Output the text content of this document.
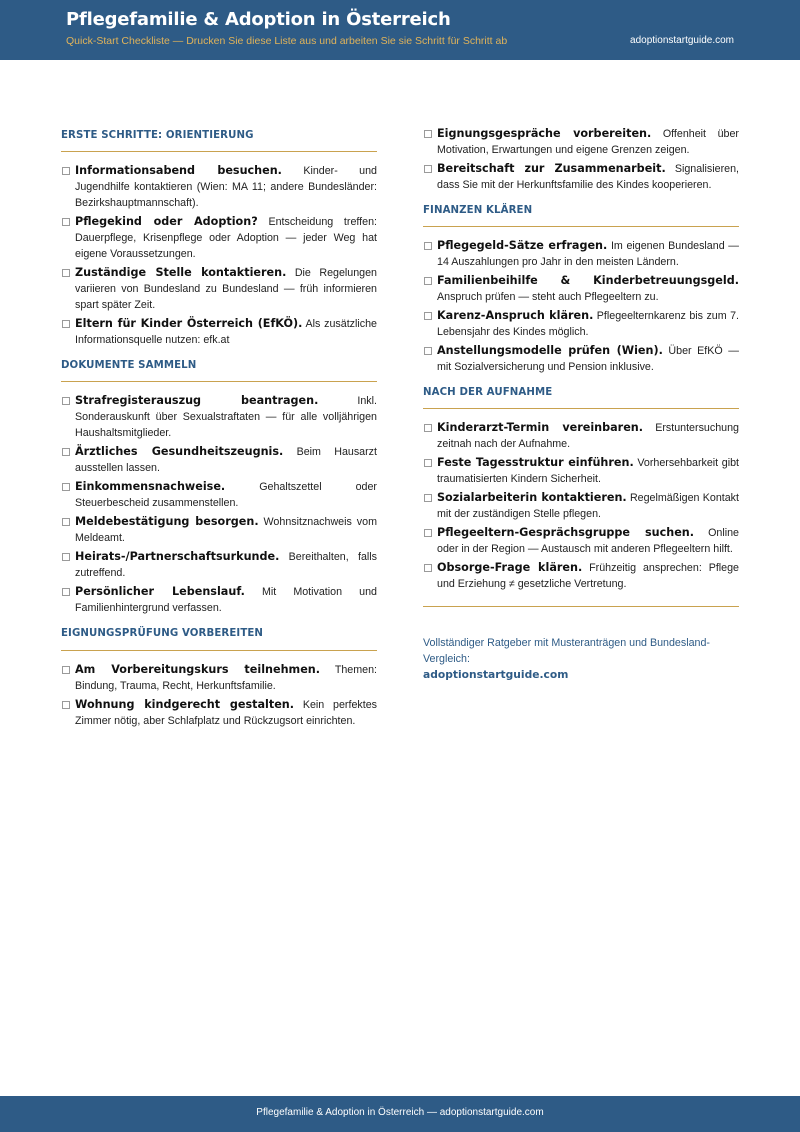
Pflegefamilie & Adoption in Österreich
Quick-Start Checkliste — Drucken Sie diese Liste aus und arbeiten Sie sie Schritt für Schritt ab	adoptionstartguide.com
ERSTE SCHRITTE: ORIENTIERUNG
Informationsabend besuchen. Kinder- und Jugendhilfe kontaktieren (Wien: MA 11; andere Bundesländer: Bezirkshauptmannschaft).
Pflegekind oder Adoption? Entscheidung treffen: Dauerpflege, Krisenpflege oder Adoption — jeder Weg hat eigene Voraussetzungen.
Zuständige Stelle kontaktieren. Die Regelungen variieren von Bundesland zu Bundesland — früh informieren spart später Zeit.
Eltern für Kinder Österreich (EfKÖ). Als zusätzliche Informationsquelle nutzen: efk.at
DOKUMENTE SAMMELN
Strafregisterauszug beantragen.	Inkl. Sonderauskunft über Sexualstraftaten — für alle volljährigen Haushaltsmitglieder.
Ärztliches Gesundheitszeugnis. Beim Hausarzt ausstellen lassen.
Einkommensnachweise.	Gehaltszettel oder Steuerbescheid zusammenstellen.
Meldebestätigung besorgen. Wohnsitznachweis vom Meldeamt.
Heirats-/Partnerschaftsurkunde. Bereithalten, falls zutreffend.
Persönlicher Lebenslauf. Mit Motivation und Familienhintergrund verfassen.
EIGNUNGSPRÜFUNG VORBEREITEN
Am Vorbereitungskurs teilnehmen. Themen: Bindung, Trauma, Recht, Herkunftsfamilie.
Wohnung kindgerecht gestalten. Kein perfektes Zimmer nötig, aber Schlafplatz und Rückzugsort einrichten.
Eignungsgespräche vorbereiten. Offenheit über Motivation, Erwartungen und eigene Grenzen zeigen.
Bereitschaft zur Zusammenarbeit. Signalisieren, dass Sie mit der Herkunftsfamilie des Kindes kooperieren.
FINANZEN KLÄREN
Pflegegeld-Sätze erfragen. Im eigenen Bundesland — 14 Auszahlungen pro Jahr in den meisten Ländern.
Familienbeihilfe & Kinderbetreuungsgeld. Anspruch prüfen — steht auch Pflegeeltern zu.
Karenz-Anspruch klären. Pflegeelternkarenz bis zum 7. Lebensjahr des Kindes möglich.
Anstellungsmodelle prüfen (Wien). Über EfKÖ — mit Sozialversicherung und Pension inklusive.
NACH DER AUFNAHME
Kinderarzt-Termin vereinbaren. Erstuntersuchung zeitnah nach der Aufnahme.
Feste Tagesstruktur einführen. Vorhersehbarkeit gibt traumatisierten Kindern Sicherheit.
Sozialarbeiterin kontaktieren. Regelmäßigen Kontakt mit der zuständigen Stelle pflegen.
Pflegeeltern-Gesprächsgruppe suchen. Online oder in der Region — Austausch mit anderen Pflegeeltern hilft.
Obsorge-Frage klären. Frühzeitig ansprechen: Pflege und Erziehung ≠ gesetzliche Vertretung.
Vollständiger Ratgeber mit Musteranträgen und Bundesland-Vergleich:
adoptionstartguide.com
Pflegefamilie & Adoption in Österreich — adoptionstartguide.com
